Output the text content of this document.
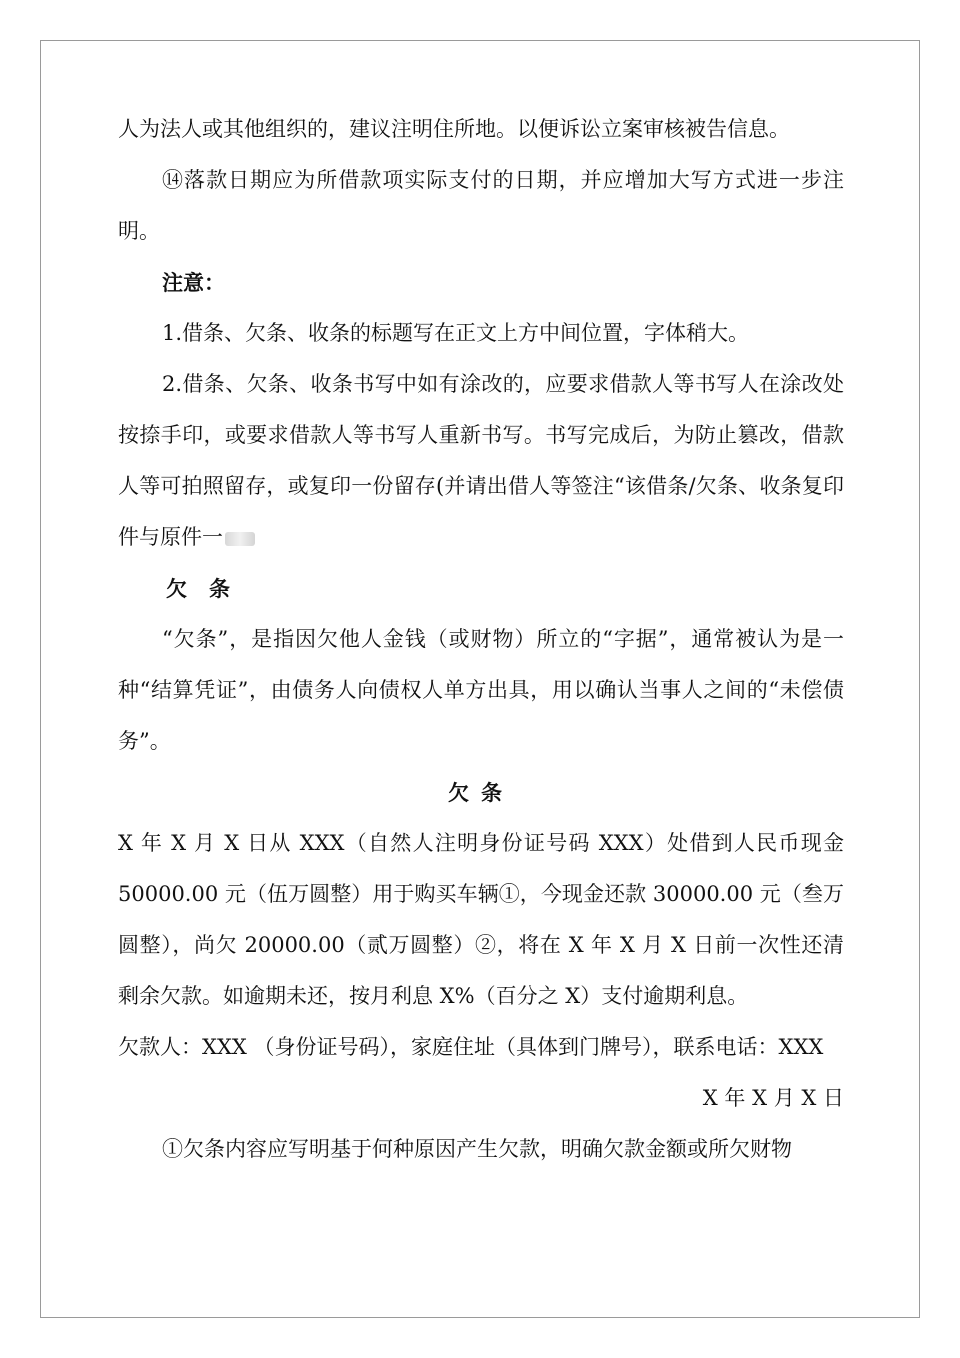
人为法人或其他组织的，建议注明住所地。以便诉讼立案审核被告信息。

⑭落款日期应为所借款项实际支付的日期，并应增加大写方式进一步注明。

注意：

1.借条、欠条、收条的标题写在正文上方中间位置，字体稍大。

2.借条、欠条、收条书写中如有涂改的，应要求借款人等书写人在涂改处按捺手印，或要求借款人等书写人重新书写。书写完成后，为防止篡改，借款人等可拍照留存，或复印一份留存(并请出借人等签注“该借条/欠条、收条复印件与原件一

欠条

“欠条”，是指因欠他人金钱（或财物）所立的“字据”，通常被认为是一种“结算凭证”，由债务人向债权人单方出具，用以确认当事人之间的“未偿债务”。

欠条

X 年 X 月 X 日从 XXX（自然人注明身份证号码 XXX）处借到人民币现金 50000.00 元（伍万圆整）用于购买车辆①，今现金还款 30000.00 元（叁万圆整），尚欠 20000.00（贰万圆整）②，将在 X 年 X 月 X 日前一次性还清剩余欠款。如逾期未还，按月利息 X%（百分之 X）支付逾期利息。

欠款人：XXX （身份证号码），家庭住址（具体到门牌号），联系电话：XXX

X 年 X 月 X 日

①欠条内容应写明基于何种原因产生欠款，明确欠款金额或所欠财物
